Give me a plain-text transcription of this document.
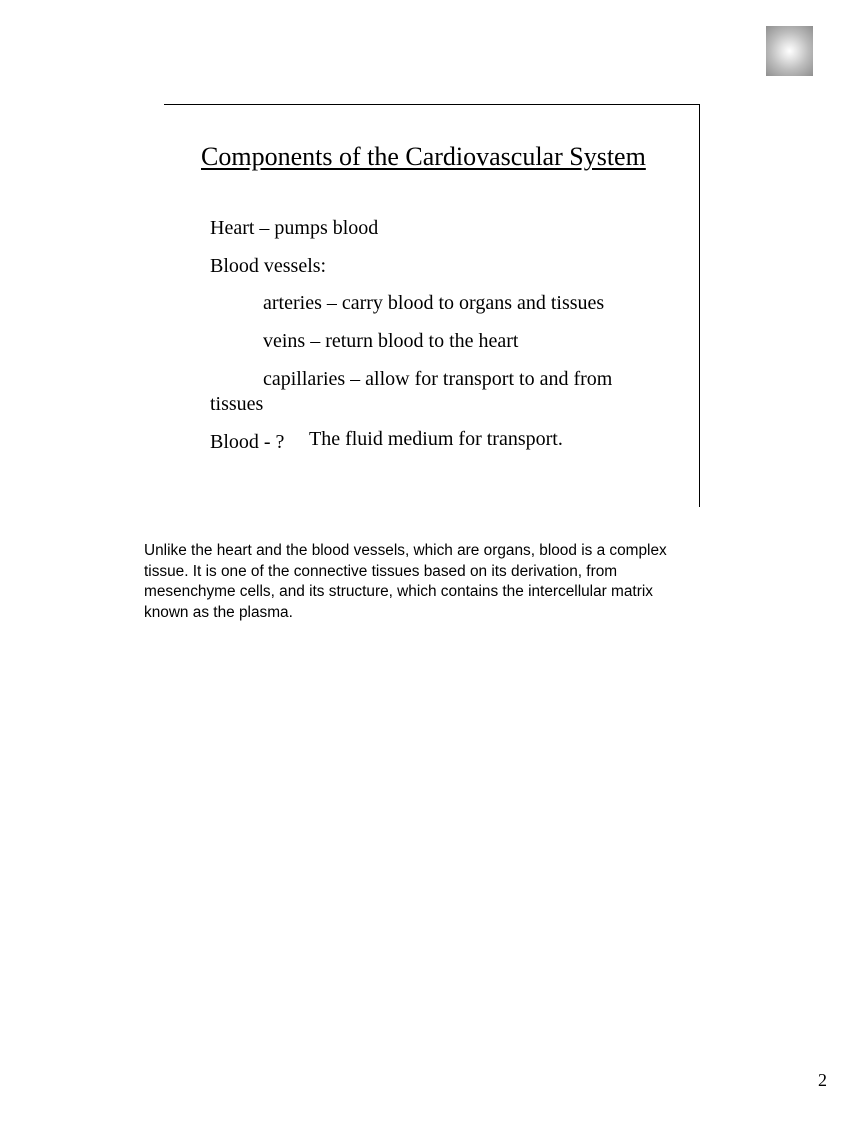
Components of the Cardiovascular System
Heart – pumps blood
Blood vessels:
arteries – carry blood to organs and tissues
veins – return blood to the heart
capillaries – allow for transport to and from
tissues
Blood - ? The fluid medium for transport.
Unlike the heart and the blood vessels, which are organs, blood is a complex
tissue. It is one of the connective tissues based on its derivation, from
mesenchyme cells, and its structure, which contains the intercellular matrix
known as the plasma.
2
